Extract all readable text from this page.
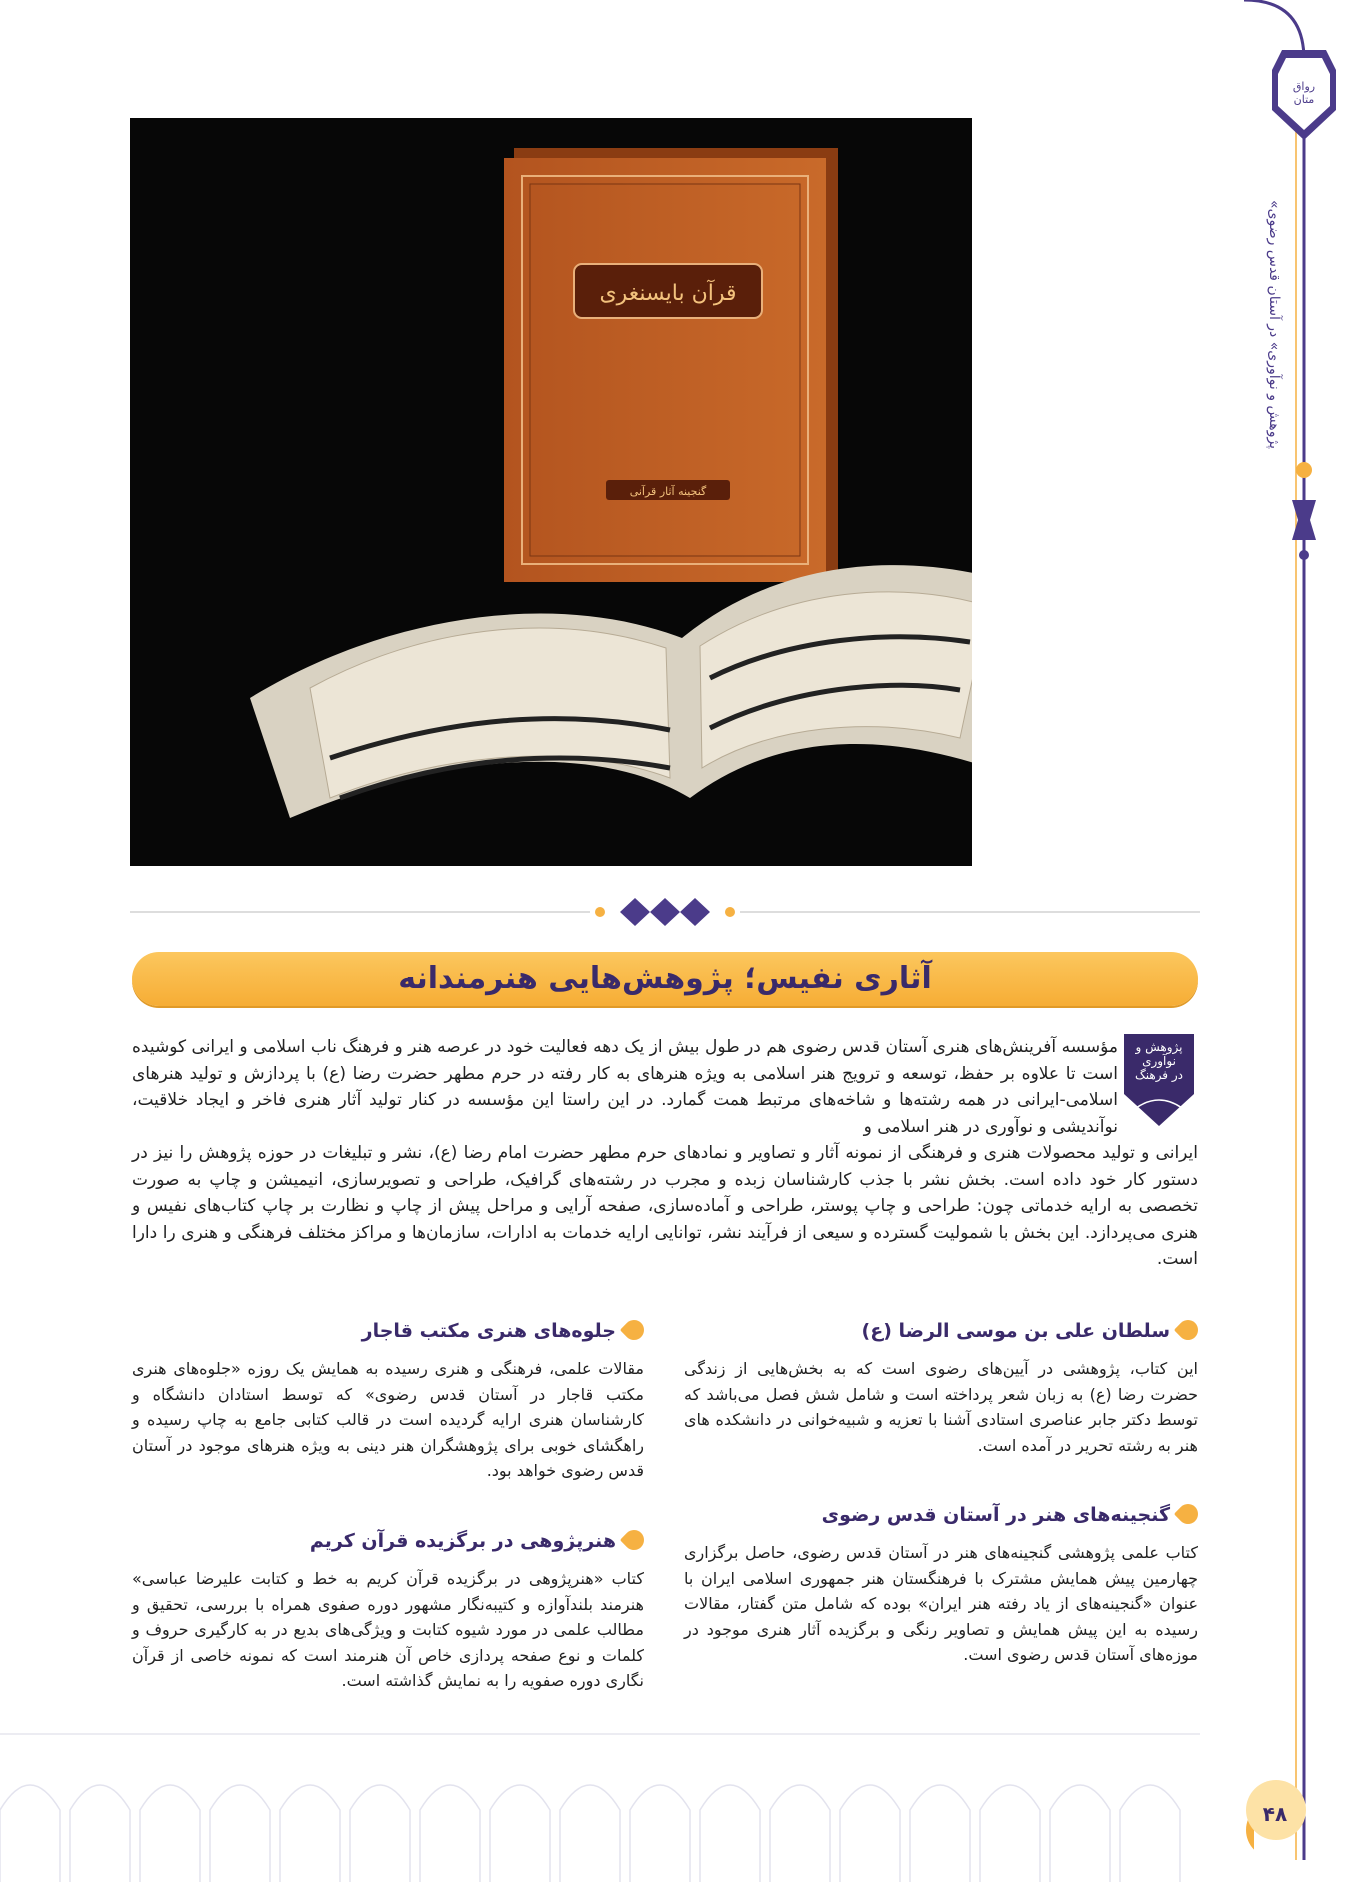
«پژوهش و نوآوری» در آستان قدس رضوی
رواق متان
قرآن بایسنغری
گنجینه آثار قرآنی
آثاری نفیس؛ پژوهش‌هایی هنرمندانه
پژوهش و
نوآوری
در فرهنگ
مؤسسه آفرینش‌های هنری آستان قدس رضوی هم در طول بیش از یک دهه فعالیت خود در عرصه هنر و فرهنگ ناب اسلامی و ایرانی کوشیده است تا علاوه بر حفظ، توسعه و ترویج هنر اسلامی به ویژه هنرهای به کار رفته در حرم مطهر حضرت رضا (ع) با پردازش و تولید هنرهای اسلامی-ایرانی در همه رشته‌ها و شاخه‌های مرتبط همت گمارد. در این راستا این مؤسسه در کنار تولید آثار هنری فاخر و ایجاد خلاقیت، نوآندیشی و نوآوری در هنر اسلامی و
ایرانی و تولید محصولات هنری و فرهنگی از نمونه آثار و تصاویر و نمادهای حرم مطهر حضرت امام رضا (ع)، نشر و تبلیغات در حوزه پژوهش را نیز در دستور کار خود داده است. بخش نشر با جذب کارشناسان زبده و مجرب در رشته‌های گرافیک، طراحی و تصویرسازی، انیمیشن و چاپ به صورت تخصصی به ارایه خدماتی چون: طراحی و چاپ پوستر، طراحی و آماده‌سازی، صفحه آرایی و مراحل پیش از چاپ و نظارت بر چاپ کتاب‌های نفیس و هنری می‌پردازد. این بخش با شمولیت گسترده و سیعی از فرآیند نشر، توانایی ارایه خدمات به ادارات، سازمان‌ها و مراکز مختلف فرهنگی و هنری را دارا است.
سلطان علی بن موسی الرضا (ع)
این کتاب، پژوهشی در آیین‌های رضوی است که به بخش‌هایی از زندگی حضرت رضا (ع) به زبان شعر پرداخته است و شامل شش فصل می‌باشد که توسط دکتر جابر عناصری استادی آشنا با تعزیه و شبیه‌خوانی در دانشکده های هنر به رشته تحریر در آمده است.
گنجینه‌های هنر در آستان قدس رضوی
کتاب علمی پژوهشی گنجینه‌های هنر در آستان قدس رضوی، حاصل برگزاری چهارمین پیش همایش مشترک با فرهنگستان هنر جمهوری اسلامی ایران با عنوان «گنجینه‌های از یاد رفته هنر ایران» بوده که شامل متن گفتار، مقالات رسیده به این پیش همایش و تصاویر رنگی و برگزیده آثار هنری موجود در موزه‌های آستان قدس رضوی است.
جلوه‌های هنری مکتب قاجار
مقالات علمی، فرهنگی و هنری رسیده به همایش یک روزه «جلوه‌های هنری مکتب قاجار در آستان قدس رضوی» که توسط استادان دانشگاه و کارشناسان هنری ارایه گردیده است در قالب کتابی جامع به چاپ رسیده و راهگشای خوبی برای پژوهشگران هنر دینی به ویژه هنرهای موجود در آستان قدس رضوی خواهد بود.
هنرپژوهی در برگزیده قرآن کریم
کتاب «هنرپژوهی در برگزیده قرآن کریم به خط و کتابت علیرضا عباسی» هنرمند بلندآوازه و کتیبه‌نگار مشهور دوره صفوی همراه با بررسی، تحقیق و مطالب علمی در مورد شیوه کتابت و ویژگی‌های بدیع در به کارگیری حروف و کلمات و نوع صفحه پردازی خاص آن هنرمند است که نمونه خاصی از قرآن نگاری دوره صفویه را به نمایش گذاشته است.
۴۸
